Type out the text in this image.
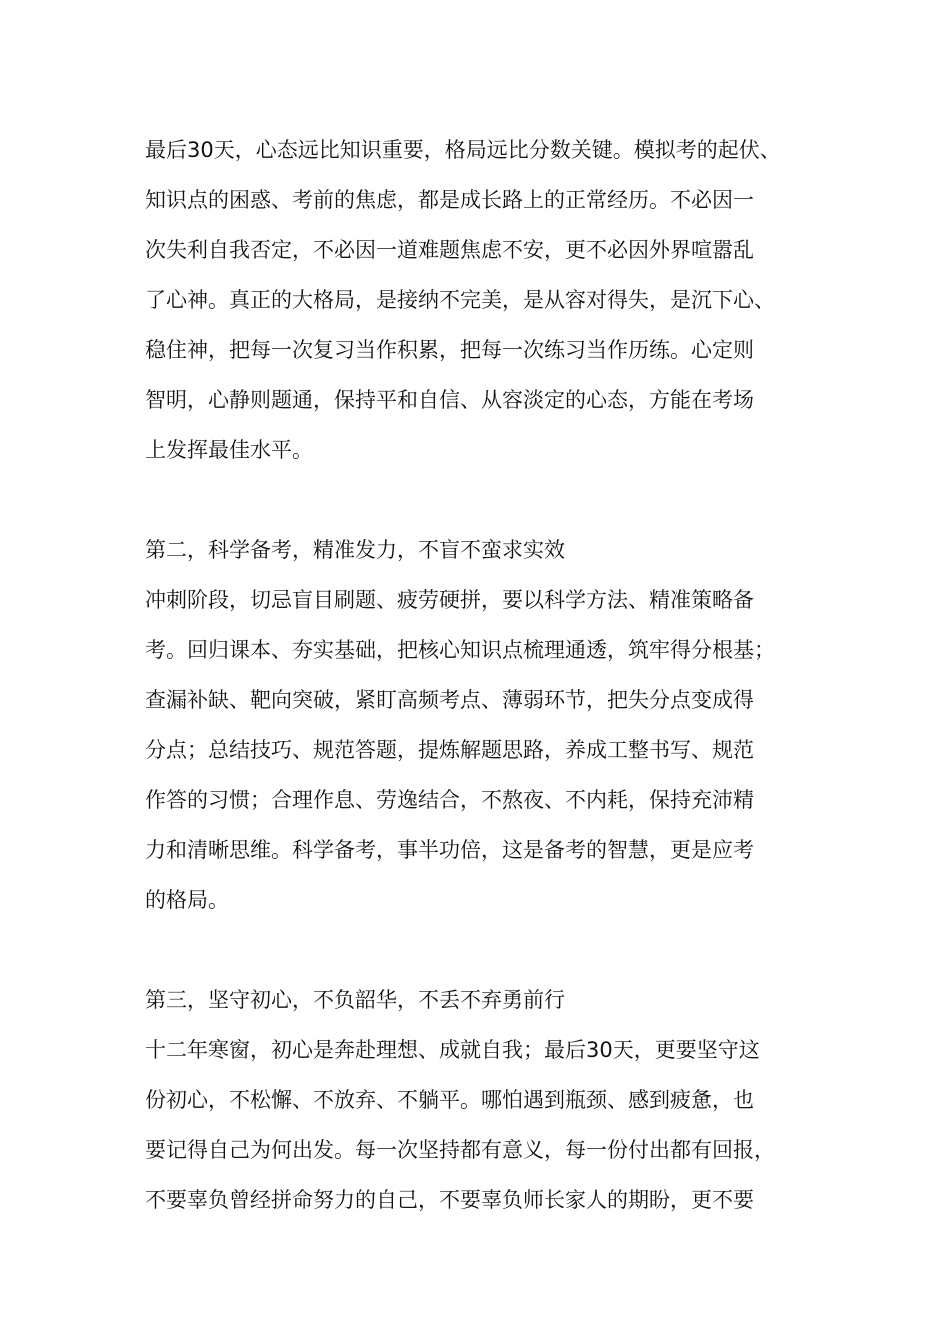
最后30天，心态远比知识重要，格局远比分数关键。模拟考的起伏、
知识点的困惑、考前的焦虑，都是成长路上的正常经历。不必因一
次失利自我否定，不必因一道难题焦虑不安，更不必因外界喧嚣乱
了心神。真正的大格局，是接纳不完美，是从容对得失，是沉下心、
稳住神，把每一次复习当作积累，把每一次练习当作历练。心定则
智明，心静则题通，保持平和自信、从容淡定的心态，方能在考场
上发挥最佳水平。
第二，科学备考，精准发力，不盲不蛮求实效
冲刺阶段，切忌盲目刷题、疲劳硬拼，要以科学方法、精准策略备
考。回归课本、夯实基础，把核心知识点梳理通透，筑牢得分根基；
查漏补缺、靶向突破，紧盯高频考点、薄弱环节，把失分点变成得
分点；总结技巧、规范答题，提炼解题思路，养成工整书写、规范
作答的习惯；合理作息、劳逸结合，不熬夜、不内耗，保持充沛精
力和清晰思维。科学备考，事半功倍，这是备考的智慧，更是应考
的格局。
第三，坚守初心，不负韶华，不丢不弃勇前行
十二年寒窗，初心是奔赴理想、成就自我；最后30天，更要坚守这
份初心，不松懈、不放弃、不躺平。哪怕遇到瓶颈、感到疲惫，也
要记得自己为何出发。每一次坚持都有意义，每一份付出都有回报，
不要辜负曾经拼命努力的自己，不要辜负师长家人的期盼，更不要
